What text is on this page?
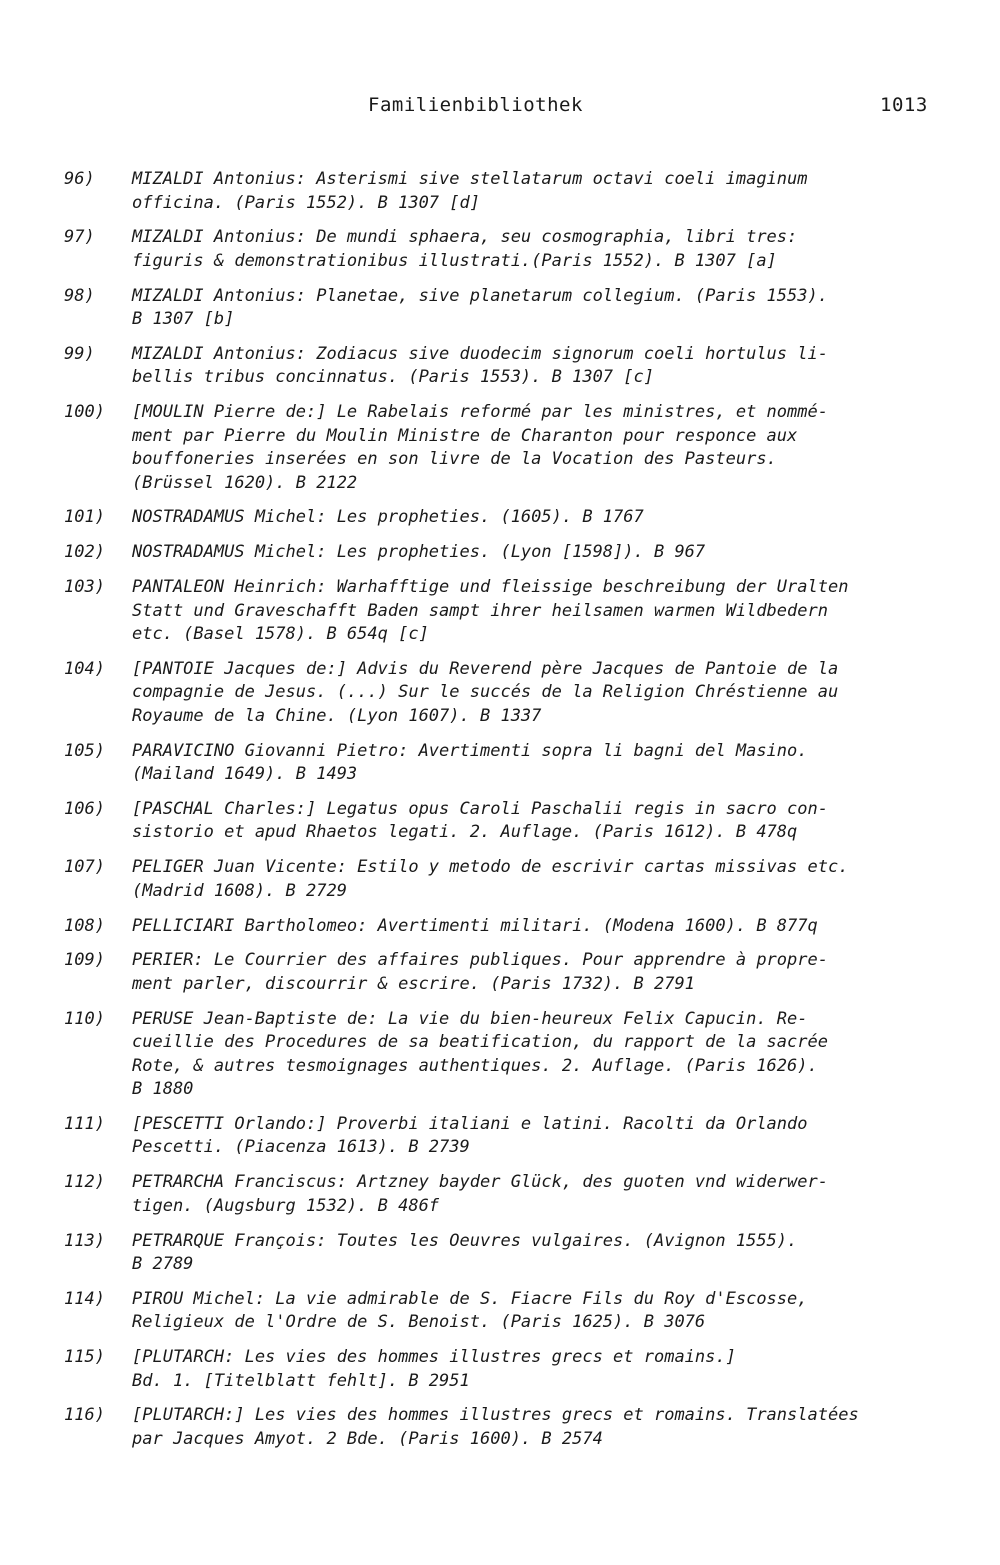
Familienbibliothek	1013
96)	MIZALDI Antonius: Asterismi sive stellatarum octavi coeli imaginum
officina. (Paris 1552). B 1307 [d]
97)	MIZALDI Antonius: De mundi sphaera, seu cosmographia, libri tres:
figuris & demonstrationibus illustrati.(Paris 1552). B 1307 [a]
98)	MIZALDI Antonius: Planetae, sive planetarum collegium. (Paris 1553).
B 1307 [b]
99)	MIZALDI Antonius: Zodiacus sive duodecim signorum coeli hortulus li-
bellis tribus concinnatus. (Paris 1553). B 1307 [c]
100)	[MOULIN Pierre de:] Le Rabelais reformé par les ministres, et nommé-
ment par Pierre du Moulin Ministre de Charanton pour responce aux
bouffoneries inserées en son livre de la Vocation des Pasteurs.
(Brüssel 1620). B 2122
101)	NOSTRADAMUS Michel: Les propheties. (1605). B 1767
102)	NOSTRADAMUS Michel: Les propheties. (Lyon [1598]). B 967
103)	PANTALEON Heinrich: Warhafftige und fleissige beschreibung der Uralten
Statt und Graveschafft Baden sampt ihrer heilsamen warmen Wildbedern
etc. (Basel 1578). B 654q [c]
104)	[PANTOIE Jacques de:] Advis du Reverend père Jacques de Pantoie de la
compagnie de Jesus. (...) Sur le succés de la Religion Chréstienne au
Royaume de la Chine. (Lyon 1607). B 1337
105)	PARAVICINO Giovanni Pietro: Avertimenti sopra li bagni del Masino.
(Mailand 1649). B 1493
106)	[PASCHAL Charles:] Legatus opus Caroli Paschalii regis in sacro con-
sistorio et apud Rhaetos legati. 2. Auflage. (Paris 1612). B 478q
107)	PELIGER Juan Vicente: Estilo y metodo de escrivir cartas missivas etc.
(Madrid 1608). B 2729
108)	PELLICIARI Bartholomeo: Avertimenti militari. (Modena 1600). B 877q
109)	PERIER: Le Courrier des affaires publiques. Pour apprendre à propre-
ment parler, discourrir & escrire. (Paris 1732). B 2791
110)	PERUSE Jean-Baptiste de: La vie du bien-heureux Felix Capucin. Re-
cueillie des Procedures de sa beatification, du rapport de la sacrée
Rote, & autres tesmoignages authentiques. 2. Auflage. (Paris 1626).
B 1880
111)	[PESCETTI Orlando:] Proverbi italiani e latini. Racolti da Orlando
Pescetti. (Piacenza 1613). B 2739
112)	PETRARCHA Franciscus: Artzney bayder Glück, des guoten vnd widerwer-
tigen. (Augsburg 1532). B 486f
113)	PETRARQUE François: Toutes les Oeuvres vulgaires. (Avignon 1555).
B 2789
114)	PIROU Michel: La vie admirable de S. Fiacre Fils du Roy d'Escosse,
Religieux de l'Ordre de S. Benoist. (Paris 1625). B 3076
115)	[PLUTARCH: Les vies des hommes illustres grecs et romains.]
Bd. 1. [Titelblatt fehlt]. B 2951
116)	[PLUTARCH:] Les vies des hommes illustres grecs et romains. Translatées
par Jacques Amyot. 2 Bde. (Paris 1600). B 2574
